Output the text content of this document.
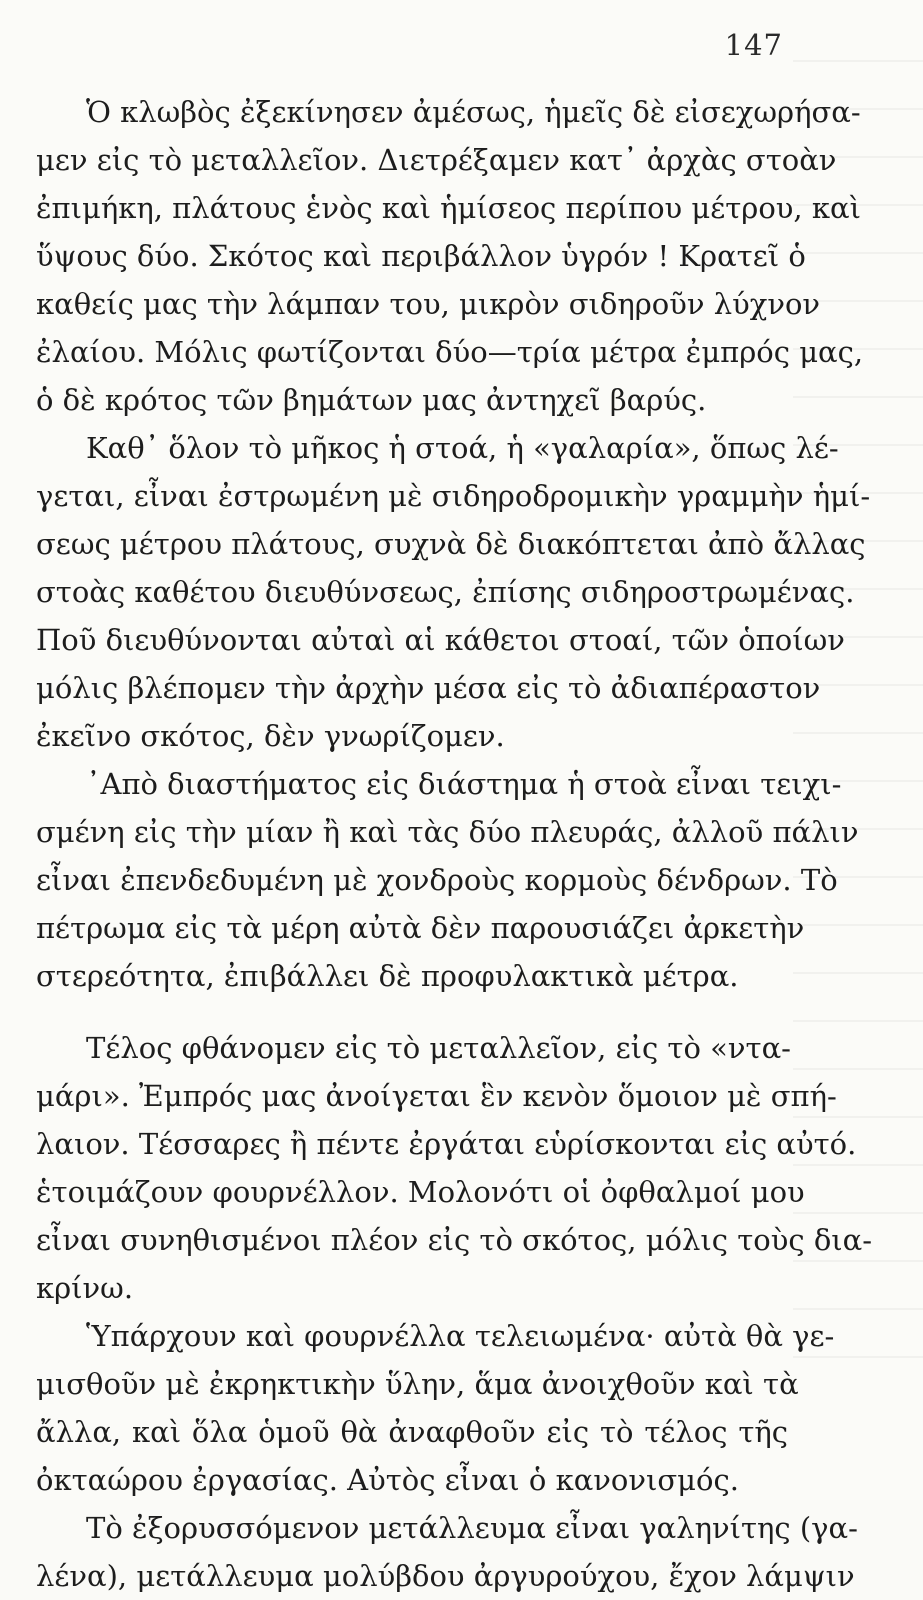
147
Ὁ κλωβὸς ἐξεκίνησεν ἀμέσως, ἡμεῖς δὲ εἰσεχωρήσα-
μεν εἰς τὸ μεταλλεῖον. Διετρέξαμεν κατ᾽ ἀρχὰς στοὰν
ἐπιμήκη, πλάτους ἑνὸς καὶ ἡμίσεος περίπου μέτρου, καὶ
ὕψους δύο. Σκότος καὶ περιβάλλον ὑγρόν ! Κρατεῖ ὁ
καθείς μας τὴν λάμπαν του, μικρὸν σιδηροῦν λύχνον
ἐλαίου. Μόλις φωτίζονται δύο—τρία μέτρα ἐμπρός μας,
ὁ δὲ κρότος τῶν βημάτων μας ἀντηχεῖ βαρύς.
Καθ᾽ ὅλον τὸ μῆκος ἡ στοά, ἡ «γαλαρία», ὅπως λέ-
γεται, εἶναι ἐστρωμένη μὲ σιδηροδρομικὴν γραμμὴν ἡμί-
σεως μέτρου πλάτους, συχνὰ δὲ διακόπτεται ἀπὸ ἄλλας
στοὰς καθέτου διευθύνσεως, ἐπίσης σιδηροστρωμένας.
Ποῦ διευθύνονται αὐταὶ αἱ κάθετοι στοαί, τῶν ὁποίων
μόλις βλέπομεν τὴν ἀρχὴν μέσα εἰς τὸ ἀδιαπέραστον
ἐκεῖνο σκότος, δὲν γνωρίζομεν.
᾿Απὸ διαστήματος εἰς διάστημα ἡ στοὰ εἶναι τειχι-
σμένη εἰς τὴν μίαν ἢ καὶ τὰς δύο πλευράς, ἀλλοῦ πάλιν
εἶναι ἐπενδεδυμένη μὲ χονδροὺς κορμοὺς δένδρων. Τὸ
πέτρωμα εἰς τὰ μέρη αὐτὰ δὲν παρουσιάζει ἀρκετὴν
στερεότητα, ἐπιβάλλει δὲ προφυλακτικὰ μέτρα.
Τέλος φθάνομεν εἰς τὸ μεταλλεῖον, εἰς τὸ «ντα-
μάρι». Ἐμπρός μας ἀνοίγεται ἓν κενὸν ὅμοιον μὲ σπή-
λαιον. Τέσσαρες ἢ πέντε ἐργάται εὑρίσκονται εἰς αὐτό.
ἑτοιμάζουν φουρνέλλον. Μολονότι οἱ ὀφθαλμοί μου
εἶναι συνηθισμένοι πλέον εἰς τὸ σκότος, μόλις τοὺς δια-
κρίνω.
Ὑπάρχουν καὶ φουρνέλλα τελειωμένα· αὐτὰ θὰ γε-
μισθοῦν μὲ ἐκρηκτικὴν ὕλην, ἅμα ἀνοιχθοῦν καὶ τὰ
ἄλλα, καὶ ὅλα ὁμοῦ θὰ ἀναφθοῦν εἰς τὸ τέλος τῆς
ὀκταώρου ἐργασίας. Αὐτὸς εἶναι ὁ κανονισμός.
Τὸ ἐξορυσσόμενον μετάλλευμα εἶναι γαληνίτης (γα-
λένα), μετάλλευμα μολύβδου ἀργυρούχου, ἔχον λάμψιν
